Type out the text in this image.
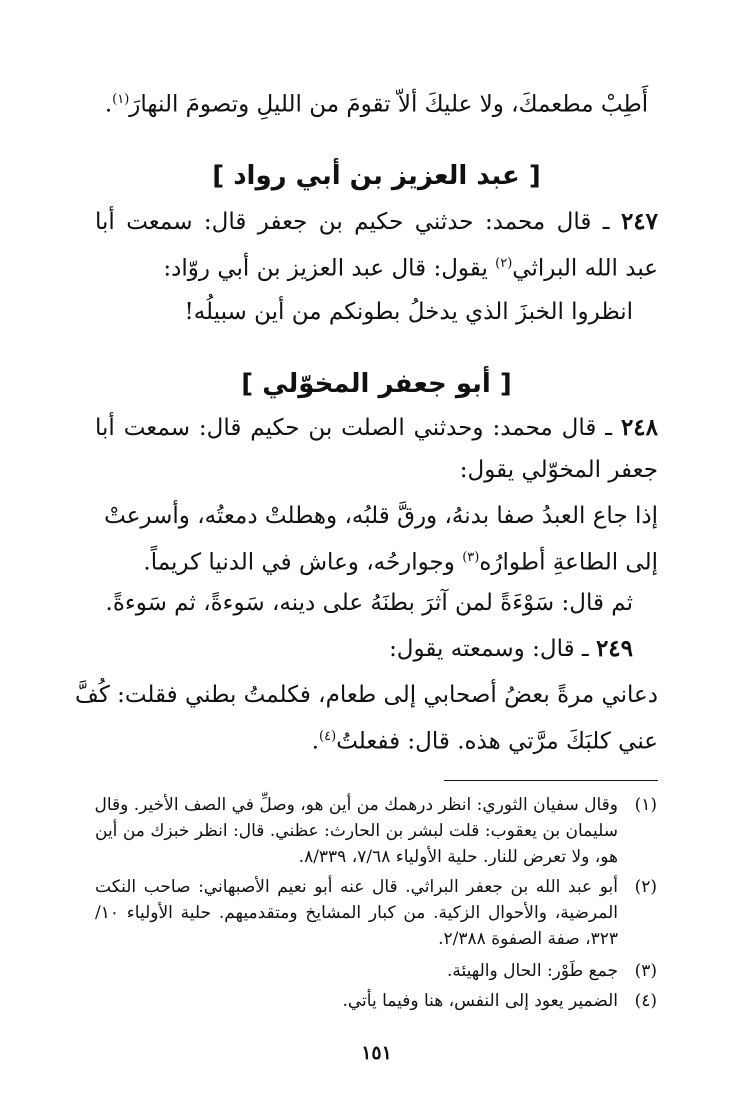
أَطِبْ مطعمكَ، ولا عليكَ ألاّ تقومَ من الليلِ وتصومَ النهارَ$^{(١)}$.
[ عبد العزيز بن أبي رواد ]
٢٤٧ ـ قال محمد: حدثني حكيم بن جعفر قال: سمعت أبا
عبد الله البراثي$^{(٢)}$ يقول: قال عبد العزيز بن أبي روّاد:
انظروا الخبزَ الذي يدخلُ بطونكم من أين سبيلُه!
[ أبو جعفر المخوّلي ]
٢٤٨ ـ قال محمد: وحدثني الصلت بن حكيم قال: سمعت أبا
جعفر المخوّلي يقول:
إذا جاع العبدُ صفا بدنهُ، ورقَّ قلبُه، وهطلتْ دمعتُه، وأسرعتْ
إلى الطاعةِ أطوارُه$^{(٣)}$ وجوارحُه، وعاش في الدنيا كريماً.
ثم قال: سَوْءَةً لمن آثرَ بطنَهُ على دينه، سَوءةً، ثم سَوءةً.
٢٤٩ ـ قال: وسمعته يقول:
دعاني مرةً بعضُ أصحابي إلى طعام، فكلمتُ بطني فقلت: كُفَّ
عني كلبَكَ مرَّتي هذه. قال: ففعلتُ$^{(٤)}$.
(١)
وقال سفيان الثوري: انظر درهمك من أين هو، وصلِّ في الصف الأخير. وقال
سليمان بن يعقوب: قلت لبشر بن الحارث: عظني. قال: انظر خبزك من أين
هو، ولا تعرض للنار. حلية الأولياء ٧/٦٨، ٨/٣٣٩.
(٢)
أبو عبد الله بن جعفر البراثي. قال عنه أبو نعيم الأصبهاني: صاحب النكت
المرضية، والأحوال الزكية. من كبار المشايخ ومتقدميهم. حلية الأولياء ١٠/
٣٢٣، صفة الصفوة ٢/٣٨٨.
(٣)
جمع طَوْر: الحال والهيئة.
(٤)
الضمير يعود إلى النفس، هنا وفيما يأتي.
١٥١
